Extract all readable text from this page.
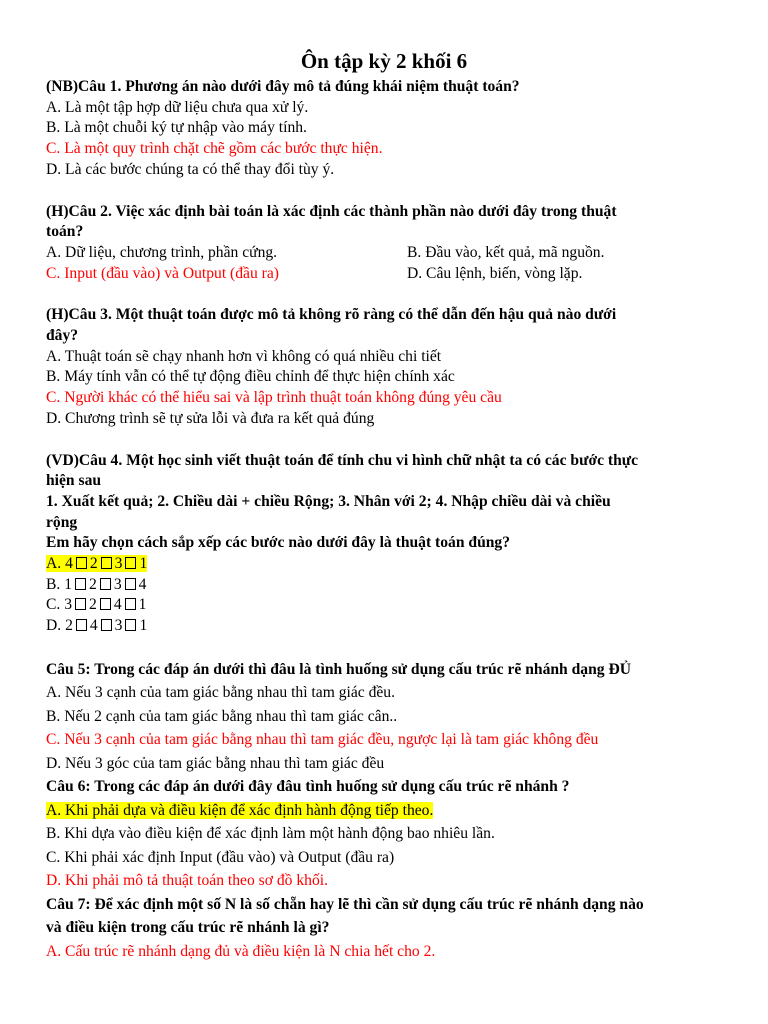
Ôn tập kỳ 2 khối 6
(NB)Câu 1. Phương án nào dưới đây mô tả đúng khái niệm thuật toán?
A. Là một tập hợp dữ liệu chưa qua xử lý.
B. Là một chuỗi ký tự nhập vào máy tính.
C. Là một quy trình chặt chẽ gồm các bước thực hiện.
D. Là các bước chúng ta có thể thay đổi tùy ý.
(H)Câu 2. Việc xác định bài toán là xác định các thành phần nào dưới đây trong thuật
toán?
A. Dữ liệu, chương trình, phần cứng.	B. Đầu vào, kết quả, mã nguồn.
C. Input (đầu vào) và Output (đầu ra)	D. Câu lệnh, biến, vòng lặp.
(H)Câu 3. Một thuật toán được mô tả không rõ ràng có thể dẫn đến hậu quả nào dưới
đây?
A. Thuật toán sẽ chạy nhanh hơn vì không có quá nhiều chi tiết
B. Máy tính vẫn có thể tự động điều chỉnh để thực hiện chính xác
C. Người khác có thể hiểu sai và lập trình thuật toán không đúng yêu cầu
D. Chương trình sẽ tự sửa lỗi và đưa ra kết quả đúng
(VD)Câu 4. Một học sinh viết thuật toán để tính chu vi hình chữ nhật ta có các bước thực
hiện sau
1. Xuất kết quả; 2. Chiều dài + chiều Rộng; 3. Nhân với 2; 4. Nhập chiều dài và chiều
rộng
Em hãy chọn cách sắp xếp các bước nào dưới đây là thuật toán đúng?
A. 4 2 3 1
B. 1 2 3 4
C. 3 2 4 1
D. 2 4 3 1
Câu 5: Trong các đáp án dưới thì đâu là tình huống sử dụng cấu trúc rẽ nhánh dạng ĐỦ
A. Nếu 3 cạnh của tam giác bằng nhau thì tam giác đều.
B. Nếu 2 cạnh của tam giác bằng nhau thì tam giác cân..
C. Nếu 3 cạnh của tam giác bằng nhau thì tam giác đều, ngược lại là tam giác không đều
D. Nếu 3 góc của tam giác bằng nhau thì tam giác đều
Câu 6: Trong các đáp án dưới đây đâu tình huống sử dụng cấu trúc rẽ nhánh ?
A. Khi phải dựa và điều kiện để xác định hành động tiếp theo.
B. Khi dựa vào điều kiện để xác định làm một hành động bao nhiêu lần.
C. Khi phải xác định Input (đầu vào) và Output (đầu ra)
D. Khi phải mô tả thuật toán theo sơ đồ khối.
Câu 7: Để xác định một số N là số chẵn hay lẽ thì cần sử dụng cấu trúc rẽ nhánh dạng nào
và điều kiện trong cấu trúc rẽ nhánh là gì?
A. Cấu trúc rẽ nhánh dạng đủ và điều kiện là N chia hết cho 2.
